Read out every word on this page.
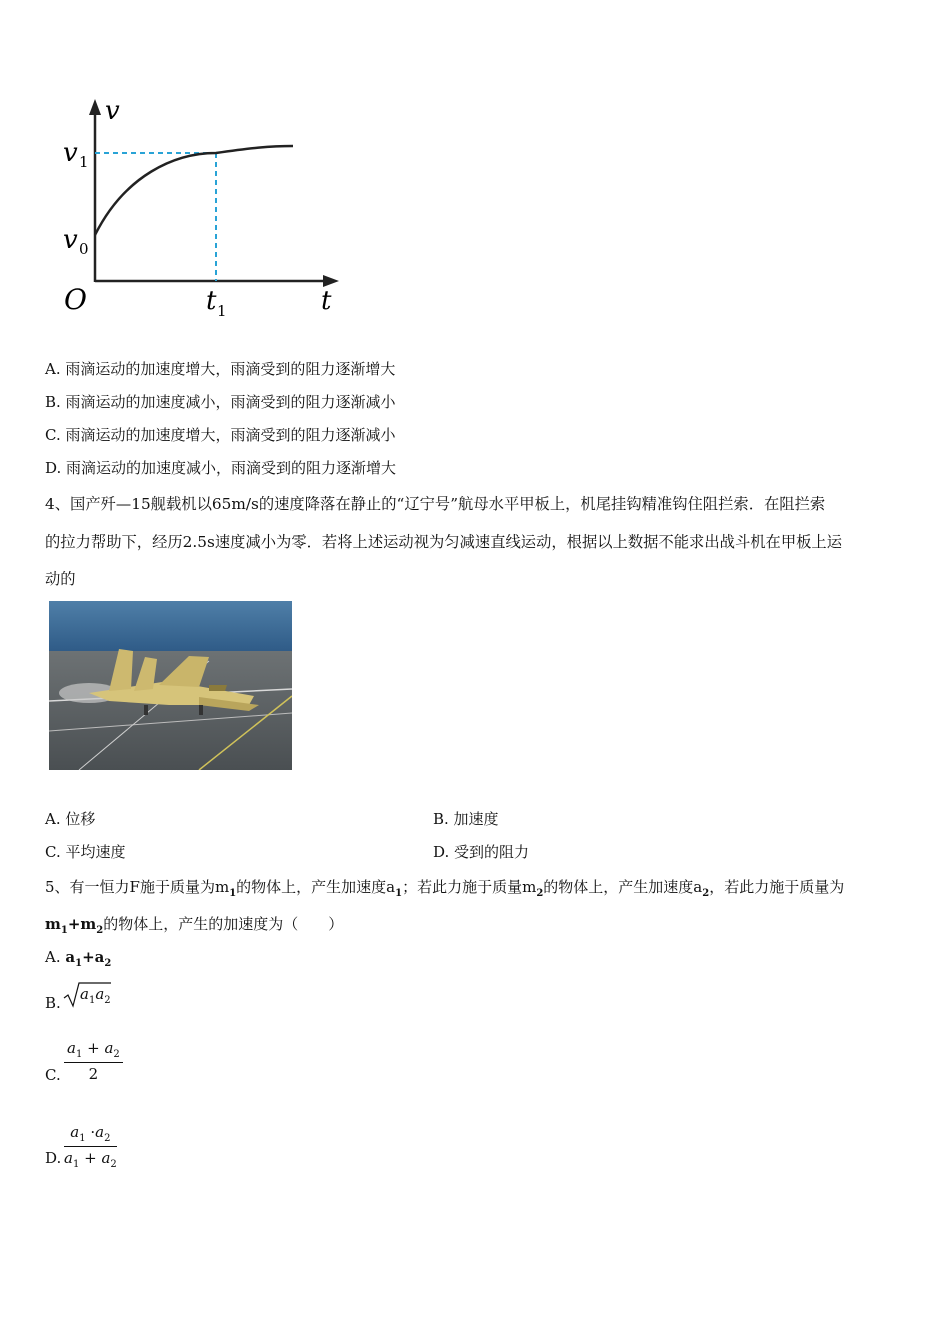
v
v 1
v 0
O	t 1	t
A. 雨滴运动的加速度增大，雨滴受到的阻力逐渐增大
B. 雨滴运动的加速度减小，雨滴受到的阻力逐渐减小
C. 雨滴运动的加速度增大，雨滴受到的阻力逐渐减小
D. 雨滴运动的加速度减小，雨滴受到的阻力逐渐增大
4、国产歼—15舰载机以65m/s的速度降落在静止的“辽宁号”航母水平甲板上，机尾挂钩精准钩住阻拦索．在阻拦索
的拉力帮助下，经历2.5s速度减小为零．若将上述运动视为匀减速直线运动，根据以上数据不能求出战斗机在甲板上运
动的
A. 位移	B. 加速度
C. 平均速度	D. 受到的阻力
5、有一恒力F施于质量为$m_1$的物体上，产生加速度$a_1$；若此力施于质量$m_2$的物体上，产生加速度$a_2$，若此力施于质量为
$m_1+m_2$的物体上，产生的加速度为（　　）
A. $a_1+a_2$
B. $a_1a_2$
C. $\frac{a_1 + a_2}{2}$
D. $\frac{a_1 \cdot a_2}{a_1 + a_2}$
